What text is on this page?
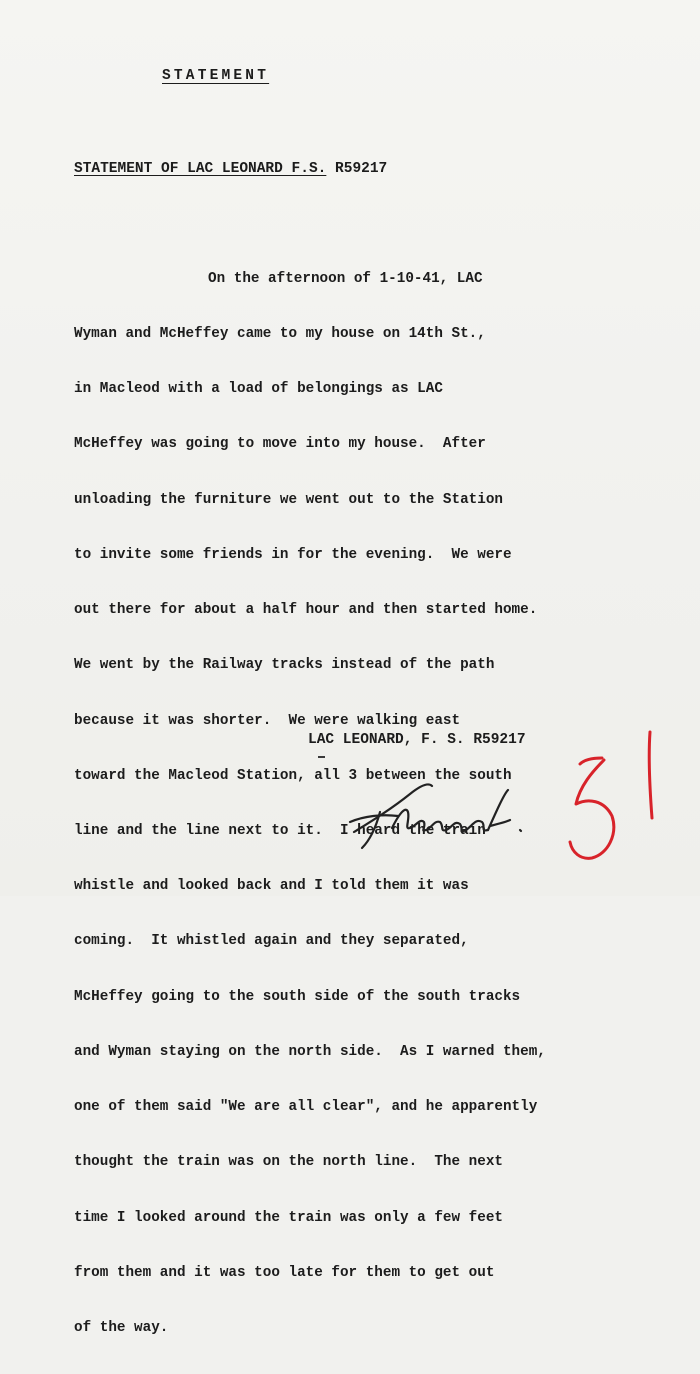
STATEMENT
STATEMENT OF LAC LEONARD F.S. R59217

On the afternoon of 1-10-41, LAC

Wyman and McHeffey came to my house on 14th St.,

in Macleod with a load of belongings as LAC

McHeffey was going to move into my house.  After

unloading the furniture we went out to the Station

to invite some friends in for the evening.  We were

out there for about a half hour and then started home.

We went by the Railway tracks instead of the path

because it was shorter.  We were walking east

toward the Macleod Station, all 3 between the south

line and the line next to it.  I heard the train

whistle and looked back and I told them it was

coming.  It whistled again and they separated,

McHeffey going to the south side of the south tracks

and Wyman staying on the north side.  As I warned them,

one of them said "We are all clear", and he apparently

thought the train was on the north line.  The next

time I looked around the train was only a few feet

from them and it was too late for them to get out

of the way.

LAC LEONARD, F. S. R59217
